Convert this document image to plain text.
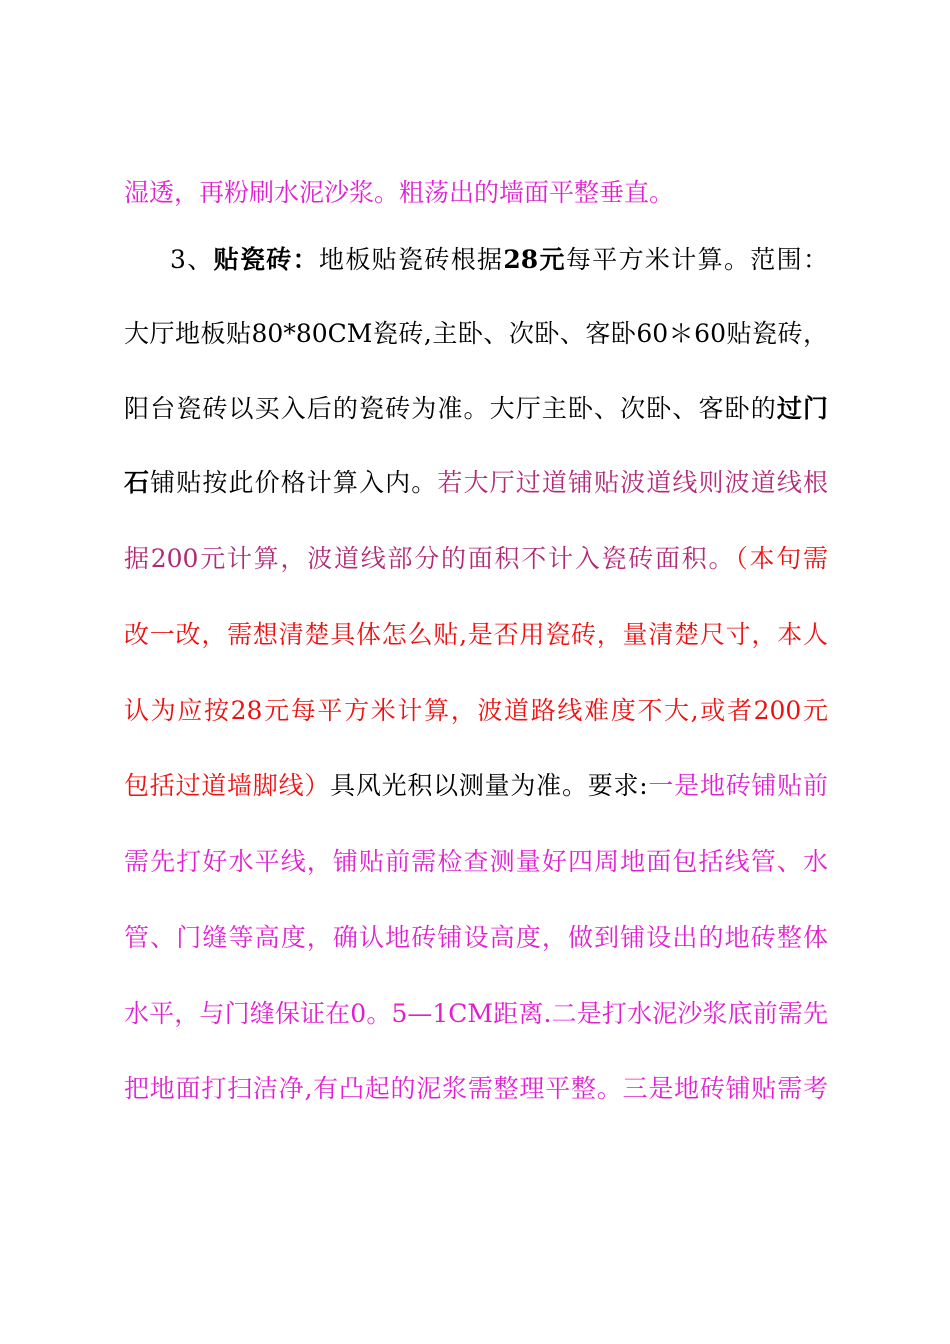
湿透，再粉刷水泥沙浆。粗荡出的墙面平整垂直。
3、贴瓷砖：地板贴瓷砖根据28元每平方米计算。范围：
大厅地板贴80*80CM瓷砖,主卧、次卧、客卧60＊60贴瓷砖，
阳台瓷砖以买入后的瓷砖为准。大厅主卧、次卧、客卧的过门
石铺贴按此价格计算入内。若大厅过道铺贴波道线则波道线根
据200元计算，波道线部分的面积不计入瓷砖面积。（本句需
改一改，需想清楚具体怎么贴,是否用瓷砖，量清楚尺寸，本人
认为应按28元每平方米计算，波道路线难度不大,或者200元
包括过道墙脚线）具风光积以测量为准。要求:一是地砖铺贴前
需先打好水平线，铺贴前需检查测量好四周地面包括线管、水
管、门缝等高度，确认地砖铺设高度，做到铺设出的地砖整体
水平，与门缝保证在0。5—1CM距离.二是打水泥沙浆底前需先
把地面打扫洁净,有凸起的泥浆需整理平整。三是地砖铺贴需考
